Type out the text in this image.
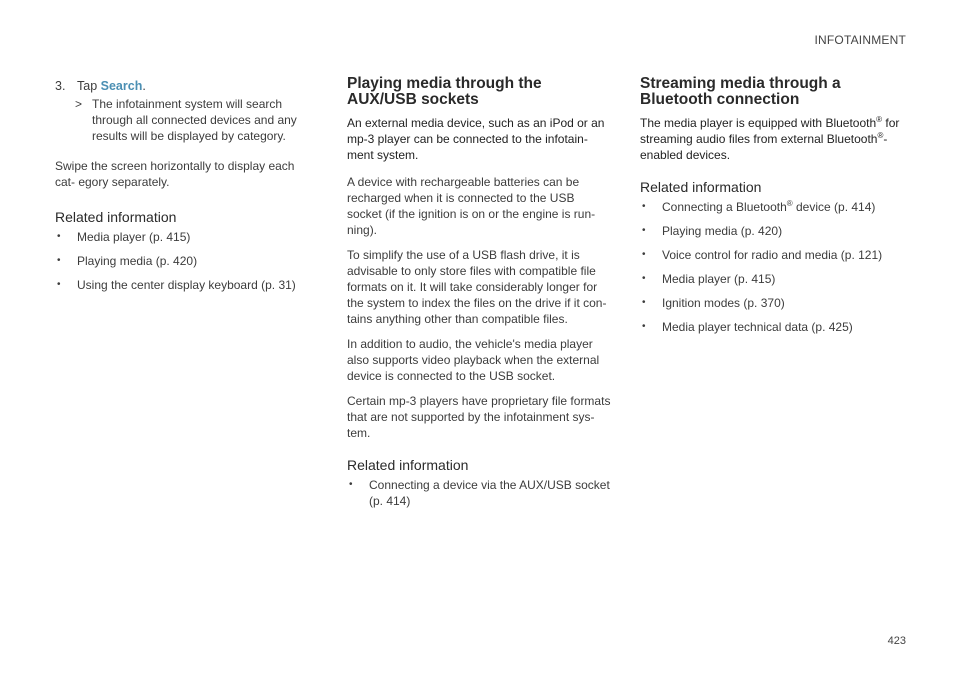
INFOTAINMENT

3. Tap Search.

> The infotainment system will search through all connected devices and any results will be displayed by category.

Swipe the screen horizontally to display each cat- egory separately.

Related information
• Media player (p. 415)
• Playing media (p. 420)
• Using the center display keyboard (p. 31)
Playing media through the AUX/USB sockets

An external media device, such as an iPod or an mp-3 player can be connected to the infotain- ment system.

A device with rechargeable batteries can be recharged when it is connected to the USB socket (if the ignition is on or the engine is run- ning).

To simplify the use of a USB flash drive, it is advisable to only store files with compatible file formats on it. It will take considerably longer for the system to index the files on the drive if it con- tains anything other than compatible files.

In addition to audio, the vehicle's media player also supports video playback when the external device is connected to the USB socket.

Certain mp-3 players have proprietary file formats that are not supported by the infotainment sys- tem.

Related information
• Connecting a device via the AUX/USB socket (p. 414)
Streaming media through a Bluetooth connection

The media player is equipped with Bluetooth® for streaming audio files from external Bluetooth®-enabled devices.

Related information
• Connecting a Bluetooth® device (p. 414)
• Playing media (p. 420)
• Voice control for radio and media (p. 121)
• Media player (p. 415)
• Ignition modes (p. 370)
• Media player technical data (p. 425)
423
